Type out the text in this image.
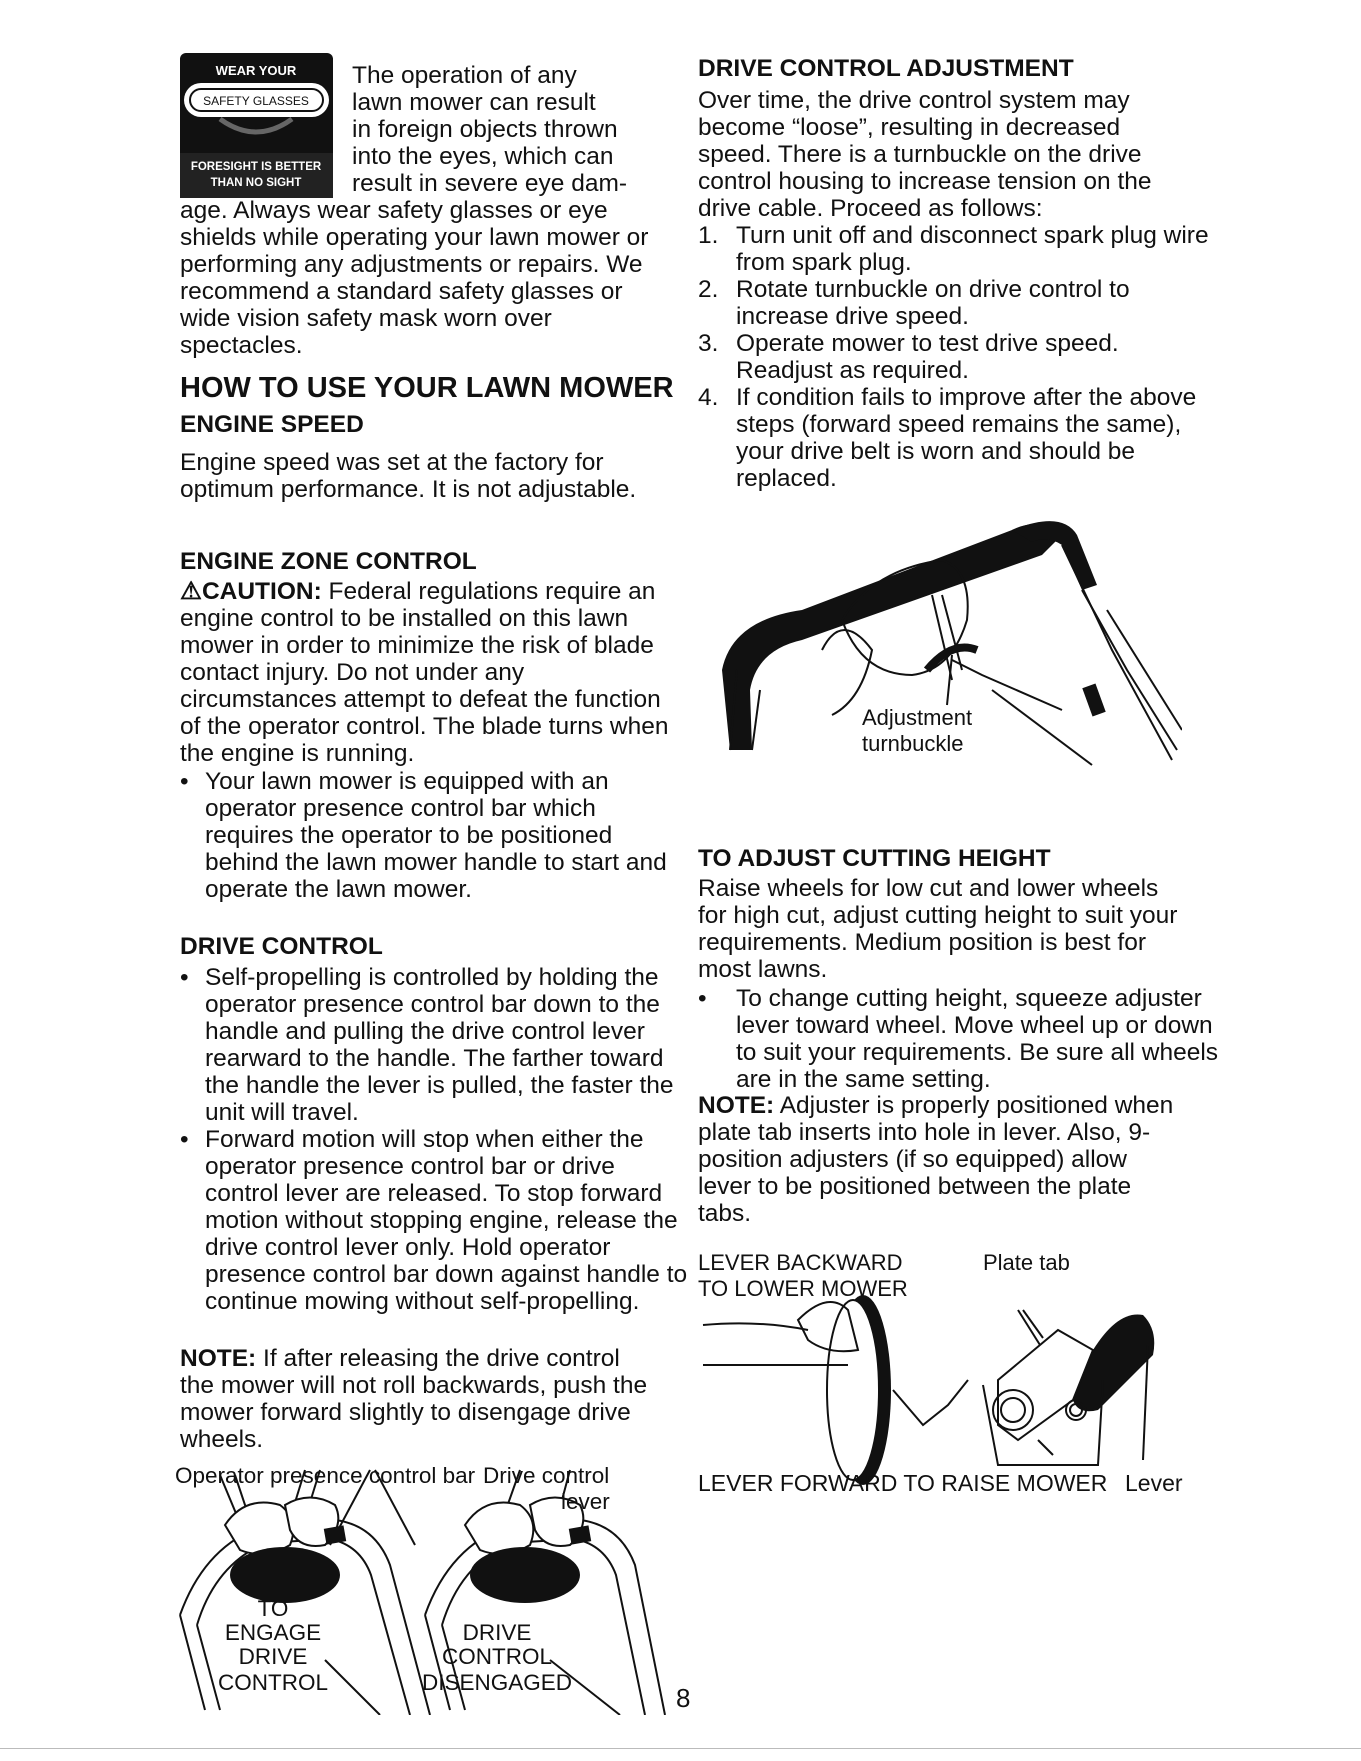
WEAR YOUR
SAFETY GLASSES
FORESIGHT IS BETTER
THAN NO SIGHT

The operation of any

lawn mower can result

in foreign objects thrown

into the eyes, which can

result in severe eye dam-

age. Always wear safety glasses or eye shields while operating your lawn mower or performing any adjustments or repairs. We recommend a standard safety glasses or wide vision safety mask worn over spectacles.

HOW TO USE YOUR LAWN MOWER
ENGINE SPEED

Engine speed was set at the factory for optimum performance. It is not adjustable.

ENGINE ZONE CONTROL

⚠CAUTION: Federal regulations require an engine control to be installed on this lawn mower in order to minimize the risk of blade contact injury. Do not under any circumstances attempt to defeat the function of the operator control. The blade turns when the engine is running.

• Your lawn mower is equipped with an operator presence control bar which requires the operator to be positioned behind the lawn mower handle to start and operate the lawn mower.
DRIVE CONTROL
• Self-propelling is controlled by holding the operator presence control bar down to the handle and pulling the drive control lever rearward to the handle. The farther toward the handle the lever is pulled, the faster the unit will travel.
• Forward motion will stop when either the operator presence control bar or drive control lever are released. To stop forward motion without stopping engine, release the drive control lever only. Hold operator presence control bar down against handle to continue mowing without self-propelling.

NOTE: If after releasing the drive control the mower will not roll backwards, push the mower forward slightly to disengage drive wheels.

Operator presence control bar Drive control
lever
TO
ENGAGE
DRIVE
CONTROL
DRIVE
CONTROL
DISENGAGED
DRIVE CONTROL ADJUSTMENT

Over time, the drive control system may become “loose”, resulting in decreased speed. There is a turnbuckle on the drive control housing to increase tension on the drive cable. Proceed as follows:

1. Turn unit off and disconnect spark plug wire from spark plug.
2. Rotate turnbuckle on drive control to increase drive speed.
3. Operate mower to test drive speed. Readjust as required.
4. If condition fails to improve after the above steps (forward speed remains the same), your drive belt is worn and should be replaced.
Adjustment
turnbuckle
TO ADJUST CUTTING HEIGHT

Raise wheels for low cut and lower wheels for high cut, adjust cutting height to suit your requirements. Medium position is best for most lawns.

• To change cutting height, squeeze adjuster lever toward wheel. Move wheel up or down to suit your requirements. Be sure all wheels are in the same setting.

NOTE: Adjuster is properly positioned when plate tab inserts into hole in lever. Also, 9-position adjusters (if so equipped) allow lever to be positioned between the plate tabs.

LEVER BACKWARD
TO LOWER MOWER
Plate tab
LEVER FORWARD TO RAISE MOWER Lever
8
